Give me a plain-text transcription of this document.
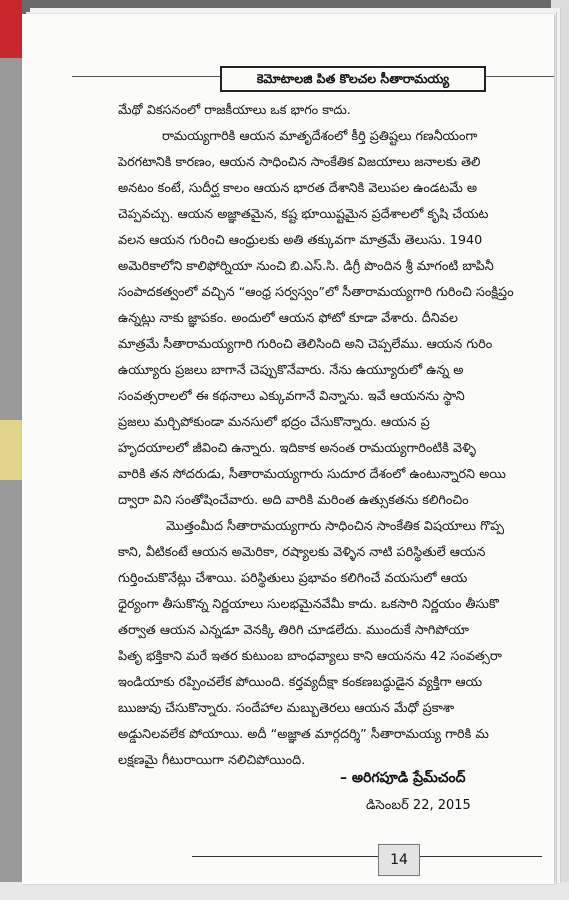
కెమోటాలజి పిత కొలచల సీతారామయ్య
మేథో వికసనంలో రాజకీయాలు ఒక భాగం కాదు.
రామయ్యగారికి ఆయన మాతృదేశంలో కీర్తి ప్రతిష్టలు గణనీయంగా
పెరగటానికి కారణం, ఆయన సాధించిన సాంకేతిక విజయాలు జనాలకు తెలి
అనటం కంటే, సుదీర్ఘ కాలం ఆయన భారత దేశానికి వెలుపల ఉండటమే అ
చెప్పవచ్చు. ఆయన అజ్ఞాతమైన, కష్ట భూయిష్టమైన ప్రదేశాలలో కృషి చేయట
వలన ఆయన గురించి ఆంధ్రులకు అతి తక్కువగా మాత్రమే తెలుసు. 1940
అమెరికాలోని కాలిఫోర్నియా నుంచి బి.ఎస్.సి. డిగ్రీ పొందిన శ్రీ మాగంటి బాపినీ
సంపాదకత్వంలో వచ్చిన “ఆంధ్ర సర్వస్వం”లో సీతారామయ్యగారి గురించి సంక్షిప్తం
ఉన్నట్లు నాకు జ్ఞాపకం. అందులో ఆయన ఫోటో కూడా వేశారు. దీనివల
మాత్రమే సీతారామయ్యగారి గురించి తెలిసింది అని చెప్పలేము. ఆయన గురిం
ఉయ్యూరు ప్రజలు బాగానే చెప్పుకొనేవారు. నేను ఉయ్యూరులో ఉన్న అ
సంవత్సరాలలో ఈ కథనాలు ఎక్కువగానే విన్నాను. ఇవే ఆయనను స్థాని
ప్రజలు మర్చిపోకుండా మనసులో భద్రం చేసుకొన్నారు. ఆయన ప్ర
హృదయాలలో జీవించి ఉన్నారు. ఇదికాక అనంత రామయ్యగారింటికి వెళ్ళి
వారికి తన సోదరుడు, సీతారామయ్యగారు సుదూర దేశంలో ఉంటున్నారని అయి
ద్వారా విని సంతోషించేవారు. అది వారికి మరింత ఉత్సుకతను కలిగించిం
మొత్తంమీద సీతారామయ్యగారు సాధించిన సాంకేతిక విషయాలు గొప్ప
కాని, వీటికంటే ఆయన అమెరికా, రష్యాలకు వెళ్ళిన నాటి పరిస్థితులే ఆయన
గుర్తించుకొనేట్లు చేశాయి. పరిస్థితులు ప్రభావం కలిగించే వయసులో ఆయ
ధైర్యంగా తీసుకొన్న నిర్ణయాలు సులభమైనవేమీ కాదు. ఒకసారి నిర్ణయం తీసుకొ
తర్వాత ఆయన ఎన్నడూ వెనక్కి తిరిగి చూడలేదు. ముందుకే సాగిపోయా
పితృ భక్తికాని మరే ఇతర కుటుంబ బాంధవ్యాలు కాని ఆయనను 42 సంవత్సరా
ఇండియాకు రప్పించలేక పోయింది. కర్తవ్యదీక్షా కంకణబద్ధుడైన వ్యక్తిగా ఆయ
ఋజువు చేసుకొన్నారు. సందేహాల మబ్బుతెరలు ఆయన మేధో ప్రకాశా
అడ్డునిలవలేక పోయాయి. అదీ “అజ్ఞాత మార్గదర్శి” సీతారామయ్య గారికి మ
లక్షణమై గీటురాయిగా నలిచిపోయింది.
– అరిగపూడి ప్రేమ్‌చంద్
డిసెంబర్ 22, 2015
14
